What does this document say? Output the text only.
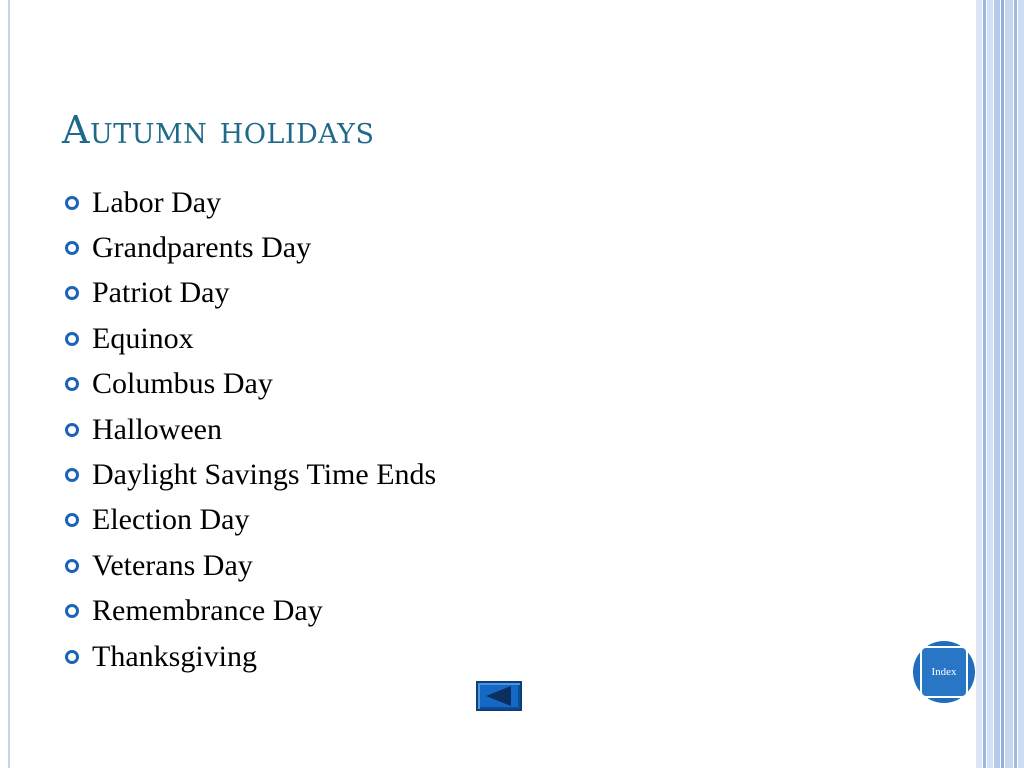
Autumn holidays
Labor Day
Grandparents Day
Patriot Day
Equinox
Columbus Day
Halloween
Daylight Savings Time Ends
Election Day
Veterans Day
Remembrance Day
Thanksgiving	Index
